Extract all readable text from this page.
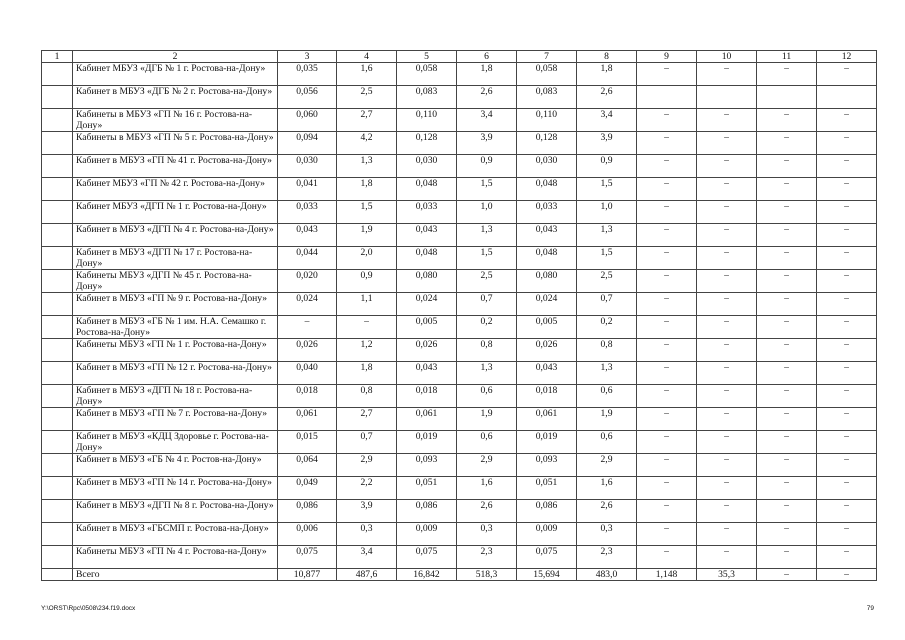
1	2	3	4	5	6	7	8	9	10	11	12
	Кабинет МБУЗ «ДГБ № 1 г. Ростова-на-Дону»	0,035	1,6	0,058	1,8	0,058	1,8	–	–	–	–
	Кабинет в МБУЗ «ДГБ № 2 г. Ростова-на-Дону»	0,056	2,5	0,083	2,6	0,083	2,6				
	Кабинеты в МБУЗ «ГП № 16 г. Ростова-на-Дону»	0,060	2,7	0,110	3,4	0,110	3,4	–	–	–	–
	Кабинеты в МБУЗ «ГП № 5 г. Ростова-на-Дону»	0,094	4,2	0,128	3,9	0,128	3,9	–	–	–	–
	Кабинет в МБУЗ «ГП № 41 г. Ростова-на-Дону»	0,030	1,3	0,030	0,9	0,030	0,9	–	–	–	–
	Кабинет МБУЗ «ГП № 42 г. Ростова-на-Дону»	0,041	1,8	0,048	1,5	0,048	1,5	–	–	–	–
	Кабинет МБУЗ «ДГП № 1 г. Ростова-на-Дону»	0,033	1,5	0,033	1,0	0,033	1,0	–	–	–	–
	Кабинет в МБУЗ «ДГП № 4 г. Ростова-на-Дону»	0,043	1,9	0,043	1,3	0,043	1,3	–	–	–	–
	Кабинет в МБУЗ «ДГП № 17 г. Ростова-на-Дону»	0,044	2,0	0,048	1,5	0,048	1,5	–	–	–	–
	Кабинеты МБУЗ «ДГП № 45 г. Ростова-на-Дону»	0,020	0,9	0,080	2,5	0,080	2,5	–	–	–	–
	Кабинет в МБУЗ «ГП № 9 г. Ростова-на-Дону»	0,024	1,1	0,024	0,7	0,024	0,7	–	–	–	–
	Кабинет в МБУЗ «ГБ № 1 им. Н.А. Семашко г. Ростова-на-Дону»	–	–	0,005	0,2	0,005	0,2	–	–	–	–
	Кабинеты МБУЗ «ГП № 1 г. Ростова-на-Дону»	0,026	1,2	0,026	0,8	0,026	0,8	–	–	–	–
	Кабинет в МБУЗ «ГП № 12 г. Ростова-на-Дону»	0,040	1,8	0,043	1,3	0,043	1,3	–	–	–	–
	Кабинет в МБУЗ «ДГП № 18 г. Ростова-на-Дону»	0,018	0,8	0,018	0,6	0,018	0,6	–	–	–	–
	Кабинет в МБУЗ «ГП № 7 г. Ростова-на-Дону»	0,061	2,7	0,061	1,9	0,061	1,9	–	–	–	–
	Кабинет в МБУЗ «КДЦ Здоровье г. Ростова-на-Дону»	0,015	0,7	0,019	0,6	0,019	0,6	–	–	–	–
	Кабинет в МБУЗ «ГБ № 4 г. Ростов-на-Дону»	0,064	2,9	0,093	2,9	0,093	2,9	–	–	–	–
	Кабинет в МБУЗ «ГП № 14 г. Ростова-на-Дону»	0,049	2,2	0,051	1,6	0,051	1,6	–	–	–	–
	Кабинет в МБУЗ «ДГП № 8 г. Ростова-на-Дону»	0,086	3,9	0,086	2,6	0,086	2,6	–	–	–	–
	Кабинет в МБУЗ «ГБСМП г. Ростова-на-Дону»	0,006	0,3	0,009	0,3	0,009	0,3	–	–	–	–
	Кабинеты МБУЗ «ГП № 4 г. Ростова-на-Дону»	0,075	3,4	0,075	2,3	0,075	2,3	–	–	–	–
	Всего	10,877	487,6	16,842	518,3	15,694	483,0	1,148	35,3	–	–
Y:\ORST\Rpc\0508\234.f19.docx	79
